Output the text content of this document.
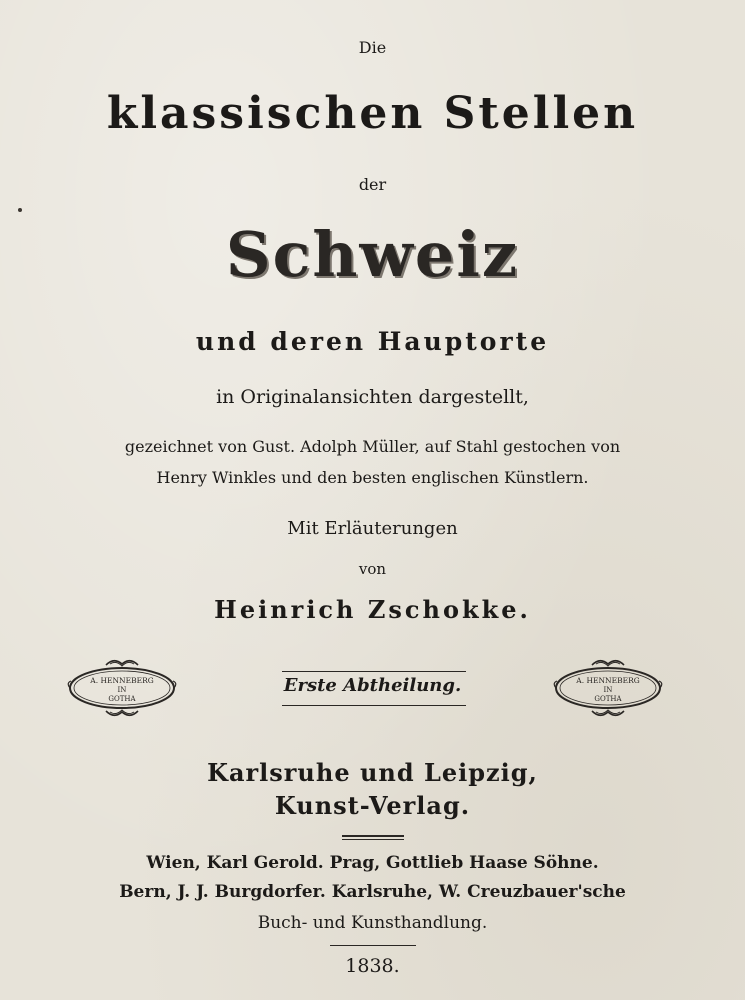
Die
klassischen Stellen
der
Schweiz
und deren Hauptorte
in Originalansichten dargestellt,
gezeichnet von Gust. Adolph Müller, auf Stahl gestochen von
Henry Winkles und den besten englischen Künstlern.
Mit Erläuterungen
von
Heinrich Zschokke.
Erste Abtheilung.
A. HENNEBERG
IN
GOTHA
A. HENNEBERG
IN
GOTHA
Karlsruhe und Leipzig,
Kunst-Verlag.
Wien, Karl Gerold. Prag, Gottlieb Haase Söhne.
Bern, J. J. Burgdorfer. Karlsruhe, W. Creuzbauer'sche
Buch- und Kunsthandlung.
1838.
